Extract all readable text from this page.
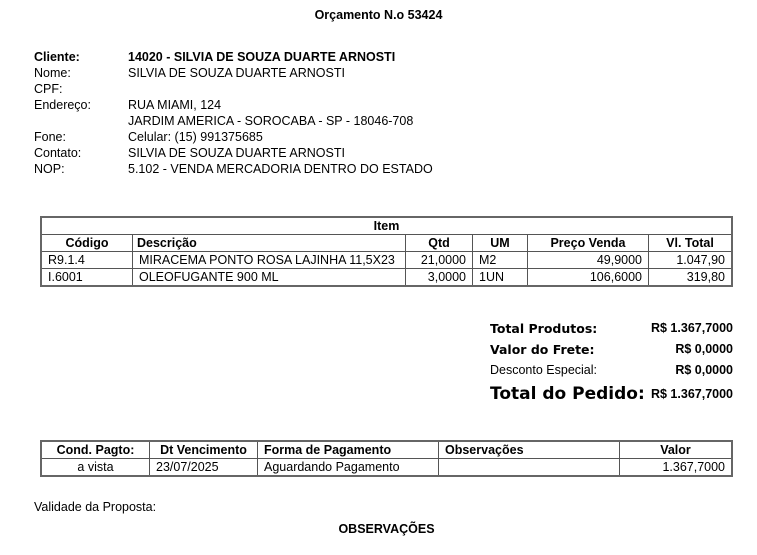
Orçamento N.o 53424
Cliente:	14020 - SILVIA DE SOUZA DUARTE ARNOSTI
Nome:	SILVIA DE SOUZA DUARTE ARNOSTI
CPF:
Endereço:	RUA MIAMI, 124
JARDIM AMERICA - SOROCABA - SP - 18046-708
Fone:	Celular: (15) 991375685
Contato:	SILVIA DE SOUZA DUARTE ARNOSTI
NOP:	5.102 - VENDA MERCADORIA DENTRO DO ESTADO
Item					
Código	Descrição	Qtd	UM	Preço Venda	Vl. Total
R9.1.4	MIRACEMA PONTO ROSA LAJINHA 11,5X23	21,0000	M2	49,9000	1.047,90
I.6001	OLEOFUGANTE 900 ML	3,0000	1UN	106,6000	319,80
Total Produtos:	R$ 1.367,7000
Valor do Frete:	R$ 0,0000
Desconto Especial:	R$ 0,0000
Total do Pedido: R$ 1.367,7000
Cond. Pagto:	Dt Vencimento	Forma de Pagamento	Observações	Valor
a vista	23/07/2025	Aguardando Pagamento		1.367,7000
Validade da Proposta:
OBSERVAÇÕES
